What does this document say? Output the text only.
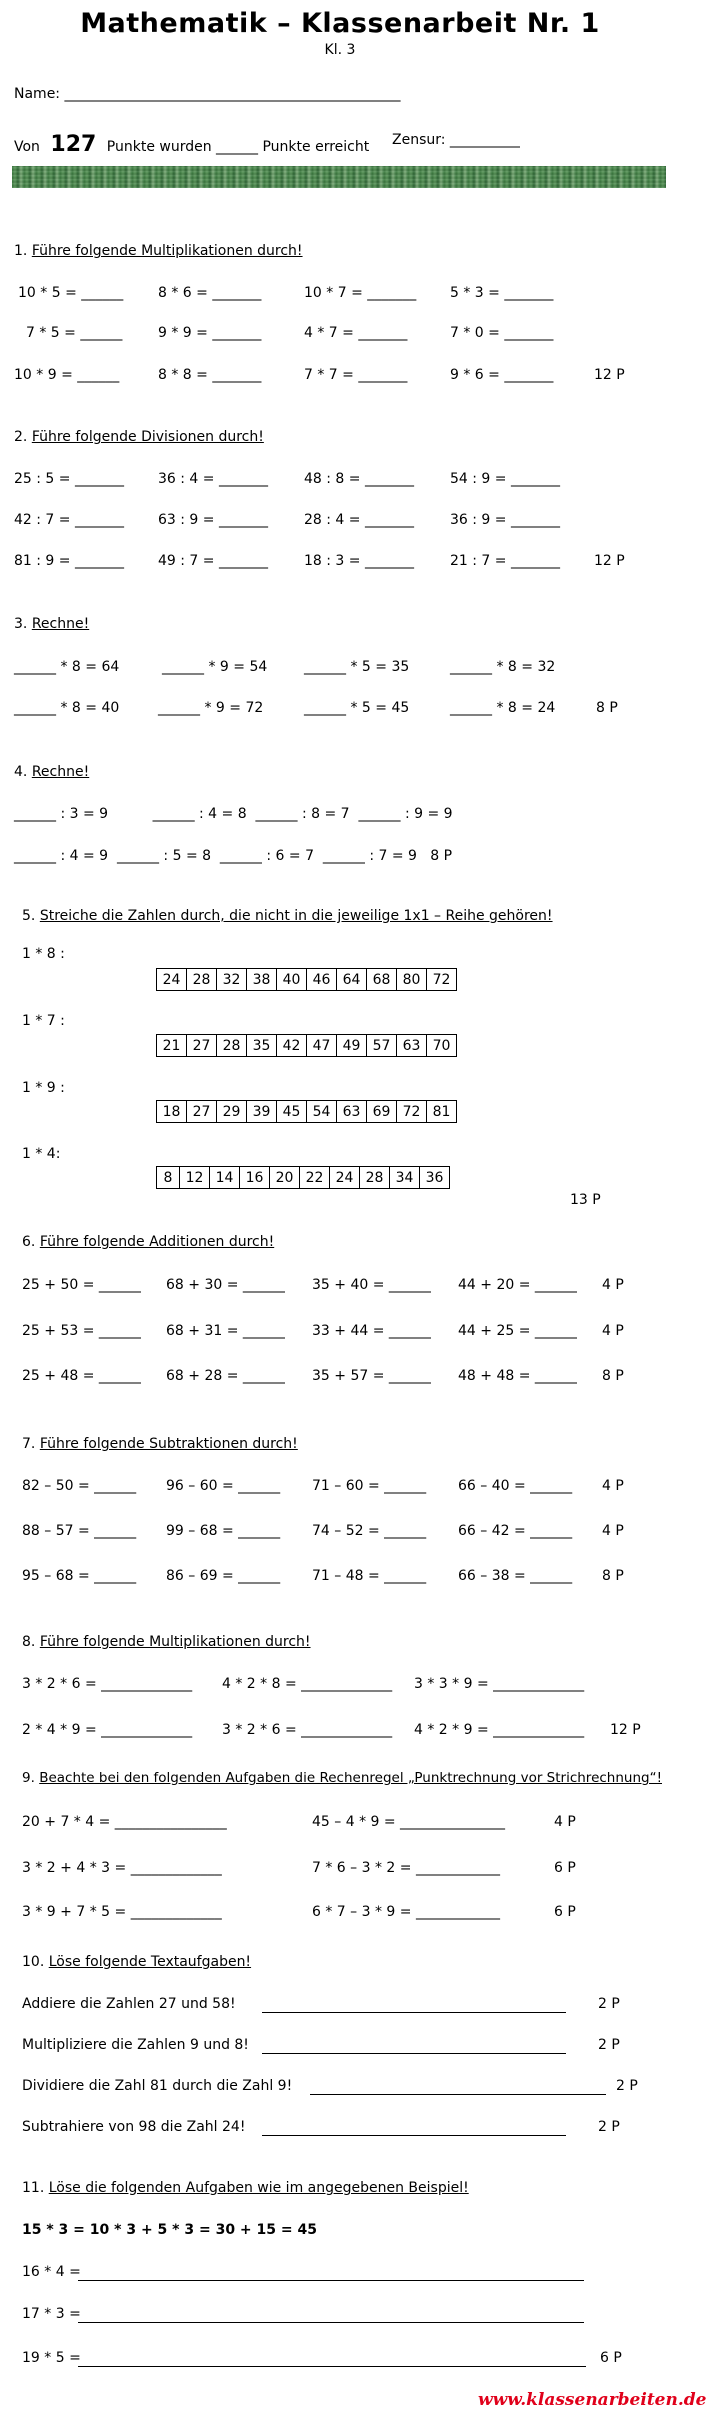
Mathematik – Klassenarbeit Nr. 1
Kl. 3
Name: ________________________________________________
Von 127 Punkte wurden ______ Punkte erreicht Zensur: __________
1. Führe folgende Multiplikationen durch!
10 * 5 = ______ 8 * 6 = _______	10 * 7 = _______ 5 * 3 = _______
7 * 5 = ______	9 * 9 = _______	4 * 7 = _______	7 * 0 = _______
10 * 9 = ______	8 * 8 = _______	7 * 7 = _______	9 * 6 = _______	12 P
2. Führe folgende Divisionen durch!
25 : 5 = _______ 36 : 4 = _______	48 : 8 = _______	54 : 9 = _______
42 : 7 = _______ 63 : 9 = _______	28 : 4 = _______	36 : 9 = _______
81 : 9 = _______ 49 : 7 = _______	18 : 3 = _______	21 : 7 = _______ 12 P
3. Rechne!
______ * 8 = 64	______ * 9 = 54	______ * 5 = 35	______ * 8 = 32
______ * 8 = 40	______ * 9 = 72	______ * 5 = 45	______ * 8 = 24	8 P
4. Rechne!
______ : 3 = 9          ______ : 4 = 8  ______ : 8 = 7  ______ : 9 = 9
______ : 4 = 9  ______ : 5 = 8  ______ : 6 = 7  ______ : 7 = 9   8 P
5. Streiche die Zahlen durch, die nicht in die jeweilige 1x1 – Reihe gehören!
1 * 8 :
24	28	32	38	40	46	64	68	80	72
1 * 7 :
21	27	28	35	42	47	49	57	63	70
1 * 9 :
18	27	29	39	45	54	63	69	72	81
1 * 4:
8	12	14	16	20	22	24	28	34	36
13 P
6. Führe folgende Additionen durch!
25 + 50 = ______ 68 + 30 = ______ 35 + 40 = ______ 44 + 20 = ______ 4 P
25 + 53 = ______ 68 + 31 = ______ 33 + 44 = ______ 44 + 25 = ______ 4 P
25 + 48 = ______ 68 + 28 = ______ 35 + 57 = ______ 48 + 48 = ______ 8 P
7. Führe folgende Subtraktionen durch!
82 – 50 = ______ 96 – 60 = ______ 71 – 60 = ______ 66 – 40 = ______ 4 P
88 – 57 = ______ 99 – 68 = ______ 74 – 52 = ______ 66 – 42 = ______ 4 P
95 – 68 = ______ 86 – 69 = ______ 71 – 48 = ______ 66 – 38 = ______ 8 P
8. Führe folgende Multiplikationen durch!
3 * 2 * 6 = _____________ 4 * 2 * 8 = _____________ 3 * 3 * 9 = _____________
2 * 4 * 9 = _____________ 3 * 2 * 6 = _____________ 4 * 2 * 9 = _____________ 12 P
9. Beachte bei den folgenden Aufgaben die Rechenregel „Punktrechnung vor Strichrechnung“!
20 + 7 * 4 = ________________	45 – 4 * 9 = _______________	4 P
3 * 2 + 4 * 3 = _____________	7 * 6 – 3 * 2 = ____________	6 P
3 * 9 + 7 * 5 = _____________	6 * 7 – 3 * 9 = ____________	6 P
10. Löse folgende Textaufgaben!
Addiere die Zahlen 27 und 58!	2 P
Multipliziere die Zahlen 9 und 8!	2 P
Dividiere die Zahl 81 durch die Zahl 9!	2 P
Subtrahiere von 98 die Zahl 24!	2 P
11. Löse die folgenden Aufgaben wie im angegebenen Beispiel!
15 * 3 = 10 * 3 + 5 * 3 = 30 + 15 = 45
16 * 4 =
17 * 3 =
19 * 5 =	6 P
www.klassenarbeiten.de
